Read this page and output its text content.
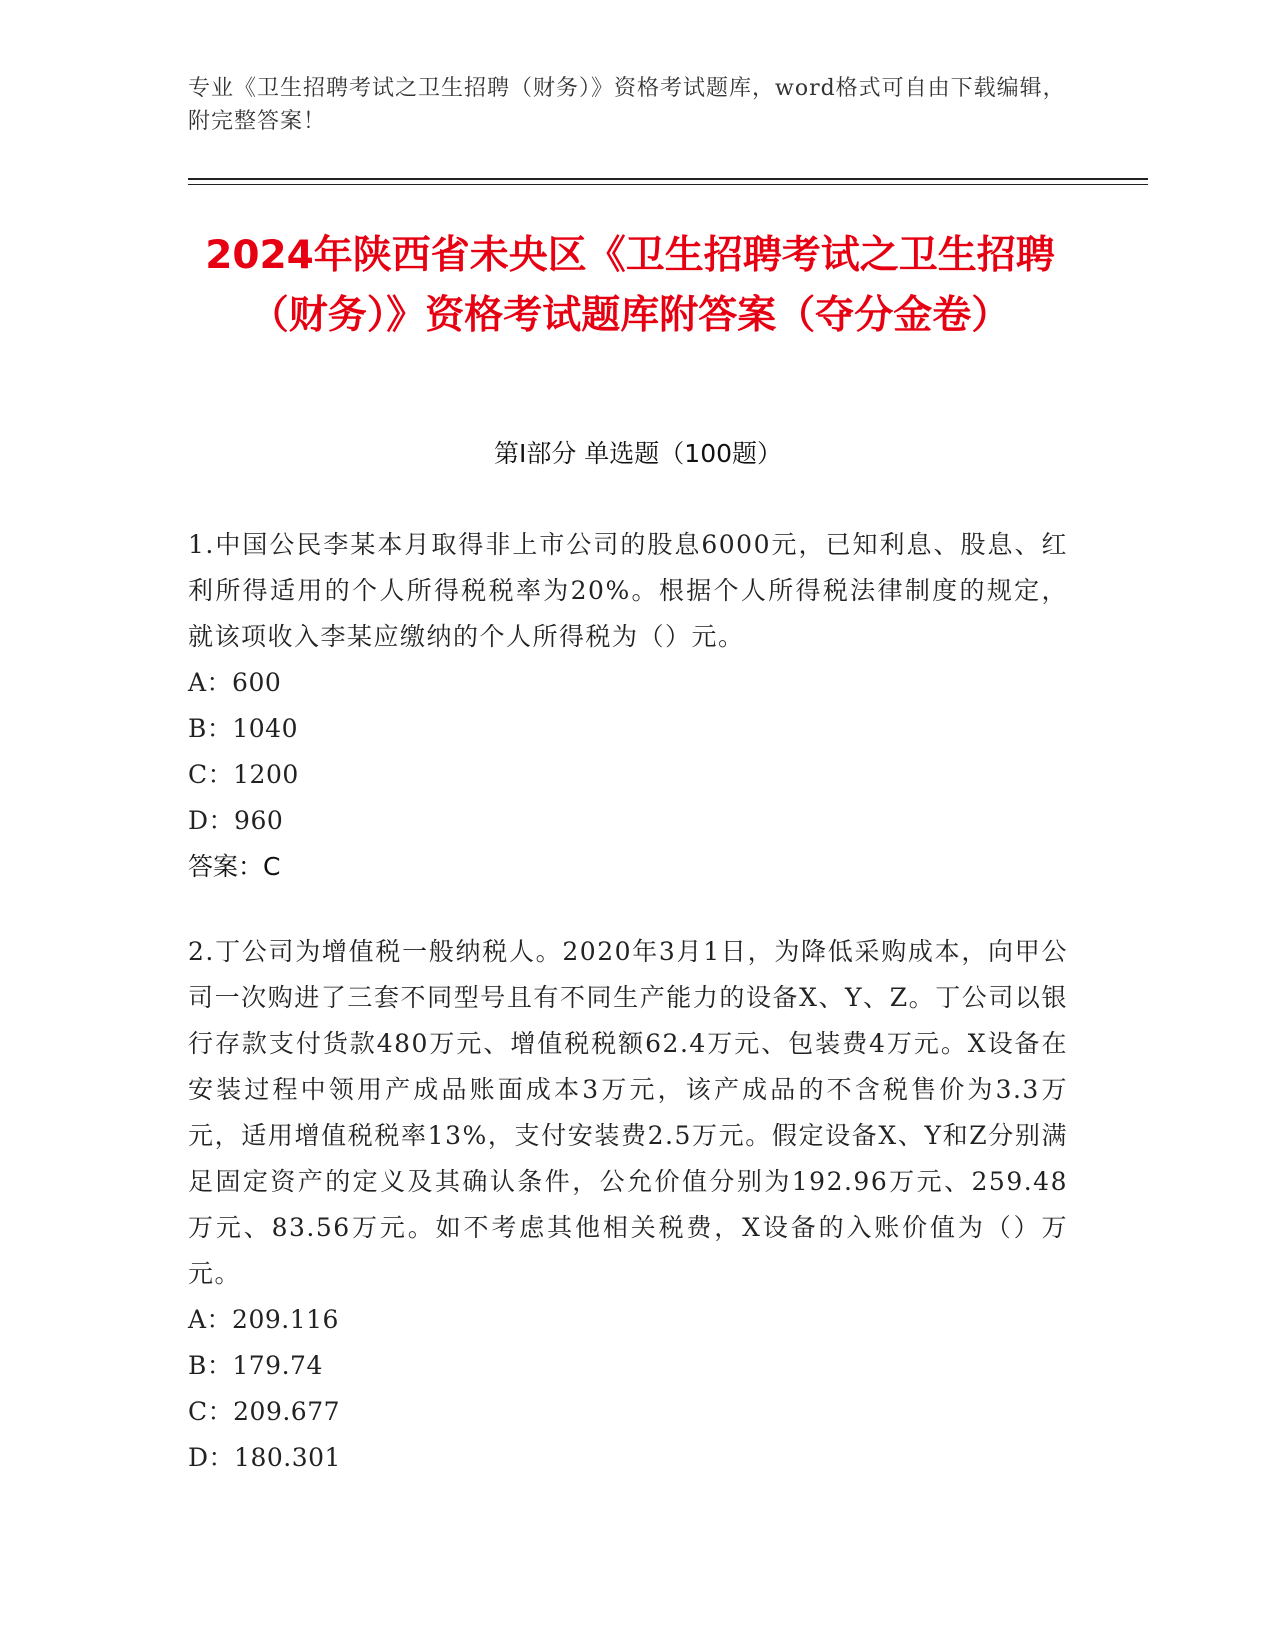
专业《卫生招聘考试之卫生招聘（财务）》资格考试题库，word格式可自由下载编辑，附完整答案！
2024年陕西省未央区《卫生招聘考试之卫生招聘（财务）》资格考试题库附答案（夺分金卷）
第I部分 单选题（100题）

1.中国公民李某本月取得非上市公司的股息6000元，已知利息、股息、红利所得适用的个人所得税税率为20%。根据个人所得税法律制度的规定，就该项收入李某应缴纳的个人所得税为（）元。

A：600
B：1040
C：1200
D：960
答案：C

2.丁公司为增值税一般纳税人。2020年3月1日，为降低采购成本，向甲公司一次购进了三套不同型号且有不同生产能力的设备X、Y、Z。丁公司以银行存款支付货款480万元、增值税税额62.4万元、包装费4万元。X设备在安装过程中领用产成品账面成本3万元，该产成品的不含税售价为3.3万元，适用增值税税率13%，支付安装费2.5万元。假定设备X、Y和Z分别满足固定资产的定义及其确认条件，公允价值分别为192.96万元、259.48万元、83.56万元。如不考虑其他相关税费，X设备的入账价值为（）万元。

A：209.116
B：179.74
C：209.677
D：180.301
